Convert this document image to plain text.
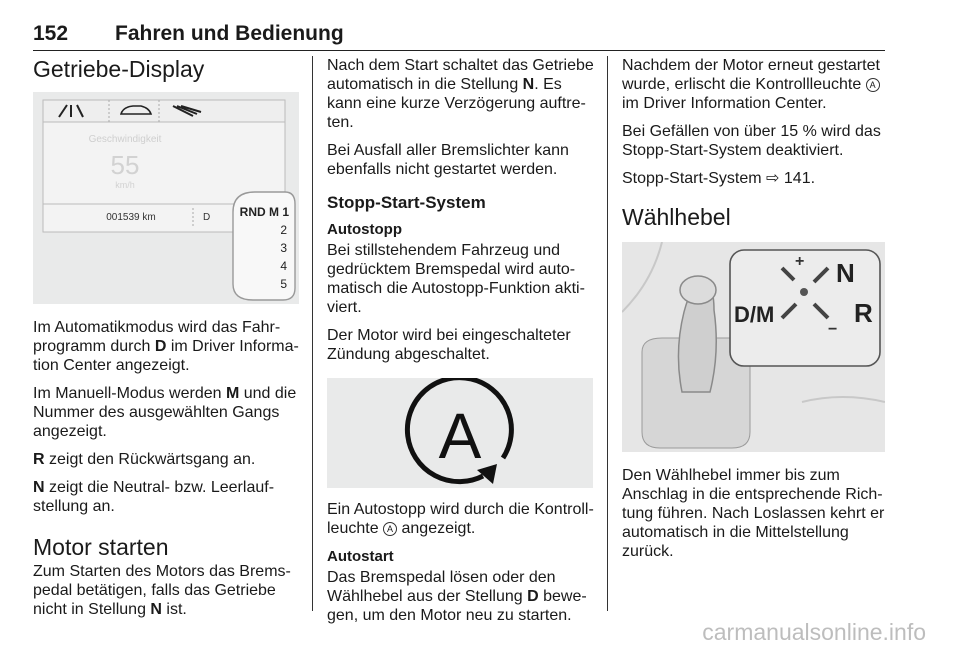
152 Fahren und Bedienung
Getriebe-Display
Geschwindigkeit
55
km/h
001539 km	D RND M 1
2
3
4
5

Im Automatikmodus wird das Fahrprogramm durch D im Driver Information Center angezeigt.

Im Manuell-Modus werden M und die Nummer des ausgewählten Gangs angezeigt.

R zeigt den Rückwärtsgang an.

N zeigt die Neutral- bzw. Leerlaufstellung an.

Motor starten

Zum Starten des Motors das Bremspedal betätigen, falls das Getriebe nicht in Stellung N ist.

Nach dem Start schaltet das Getriebe automatisch in die Stellung N. Es kann eine kurze Verzögerung auftreten.

Bei Ausfall aller Bremslichter kann ebenfalls nicht gestartet werden.

Stopp-Start-System
Autostopp

Bei stillstehendem Fahrzeug und gedrücktem Bremspedal wird automatisch die Autostopp-Funktion aktiviert.

Der Motor wird bei eingeschalteter Zündung abgeschaltet.

A

Ein Autostopp wird durch die Kontrollleuchte A angezeigt.

Autostart

Das Bremspedal lösen oder den Wählhebel aus der Stellung D bewegen, um den Motor neu zu starten.

Nachdem der Motor erneut gestartet wurde, erlischt die Kontrollleuchte A im Driver Information Center.

Bei Gefällen von über 15 % wird das Stopp-Start-System deaktiviert.

Stopp-Start-System ⇨ 141.

Wählhebel
+
−
N
R
D/M

Den Wählhebel immer bis zum Anschlag in die entsprechende Richtung führen. Nach Loslassen kehrt er automatisch in die Mittelstellung zurück.

carmanualsonline.info
